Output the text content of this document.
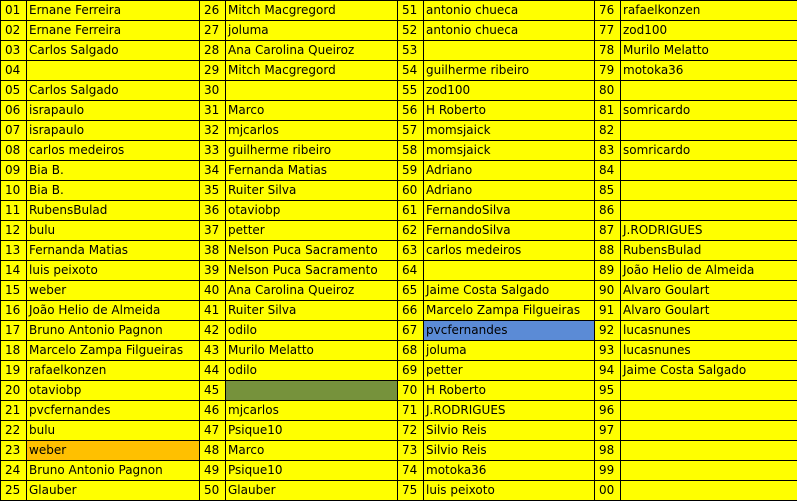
01 Ernane Ferreira	26 Mitch Macgregord	51 antonio chueca	76 rafaelkonzen
02 Ernane Ferreira	27 joluma	52 antonio chueca	77 zod100
03 Carlos Salgado	28 Ana Carolina Queiroz	53	78 Murilo Melatto
04	29 Mitch Macgregord	54 guilherme ribeiro	79 motoka36
05 Carlos Salgado	30	55 zod100	80
06 israpaulo	31 Marco	56 H Roberto	81 somricardo
07 israpaulo	32 mjcarlos	57 momsjaick	82
08 carlos medeiros	33 guilherme ribeiro	58 momsjaick	83 somricardo
09 Bia B.	34 Fernanda Matias	59 Adriano	84
10 Bia B.	35 Ruiter Silva	60 Adriano	85
11 RubensBulad	36 otaviobp	61 FernandoSilva	86
12 bulu	37 petter	62 FernandoSilva	87 J.RODRIGUES
13 Fernanda Matias	38 Nelson Puca Sacramento	63 carlos medeiros	88 RubensBulad
14 luis peixoto	39 Nelson Puca Sacramento	64	89 João Helio de Almeida
15 weber	40 Ana Carolina Queiroz	65 Jaime Costa Salgado	90 Alvaro Goulart
16 João Helio de Almeida	41 Ruiter Silva	66 Marcelo Zampa Filgueiras	91 Alvaro Goulart
17 Bruno Antonio Pagnon	42 odilo	67 pvcfernandes	92 lucasnunes
18 Marcelo Zampa Filgueiras	43 Murilo Melatto	68 joluma	93 lucasnunes
19 rafaelkonzen	44 odilo	69 petter	94 Jaime Costa Salgado
20 otaviobp	45	70 H Roberto	95
21 pvcfernandes	46 mjcarlos	71 J.RODRIGUES	96
22 bulu	47 Psique10	72 Silvio Reis	97
23 weber	48 Marco	73 Silvio Reis	98
24 Bruno Antonio Pagnon	49 Psique10	74 motoka36	99
25 Glauber	50 Glauber	75 luis peixoto	00
